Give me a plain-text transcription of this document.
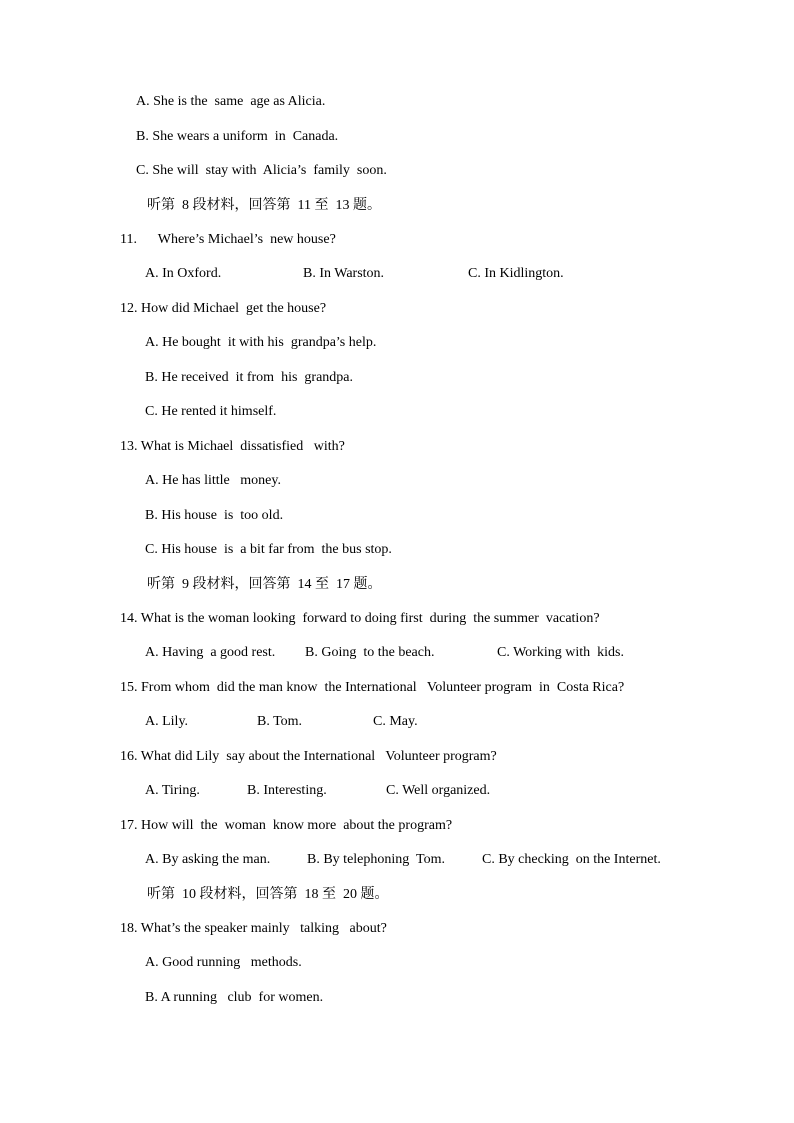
A. She is the  same  age as Alicia.
B. She wears a uniform  in  Canada.
C. She will  stay with  Alicia’s  family  soon.
听第  8 段材料，回答第  11 至  13 题。
11.      Where’s Michael’s  new house?
A. In Oxford.	B. In Warston.	C. In Kidlington.
12. How did Michael  get the house?
A. He bought  it with his  grandpa’s help.
B. He received  it from  his  grandpa.
C. He rented it himself.
13. What is Michael  dissatisfied   with?
A. He has little   money.
B. His house  is  too old.
C. His house  is  a bit far from  the bus stop.
听第  9 段材料，回答第  14 至  17 题。
14. What is the woman looking  forward to doing first  during  the summer  vacation?
A. Having  a good rest. B. Going  to the beach.	C. Working with  kids.
15. From whom  did the man know  the International   Volunteer program  in  Costa Rica?
A. Lily.	B. Tom.	C. May.
16. What did Lily  say about the International   Volunteer program?
A. Tiring.	B. Interesting.	C. Well organized.
17. How will  the  woman  know more  about the program?
A. By asking the man.	B. By telephoning  Tom.	C. By checking  on the Internet.
听第  10 段材料，回答第  18 至  20 题。
18. What’s the speaker mainly   talking   about?
A. Good running   methods.
B. A running   club  for women.
